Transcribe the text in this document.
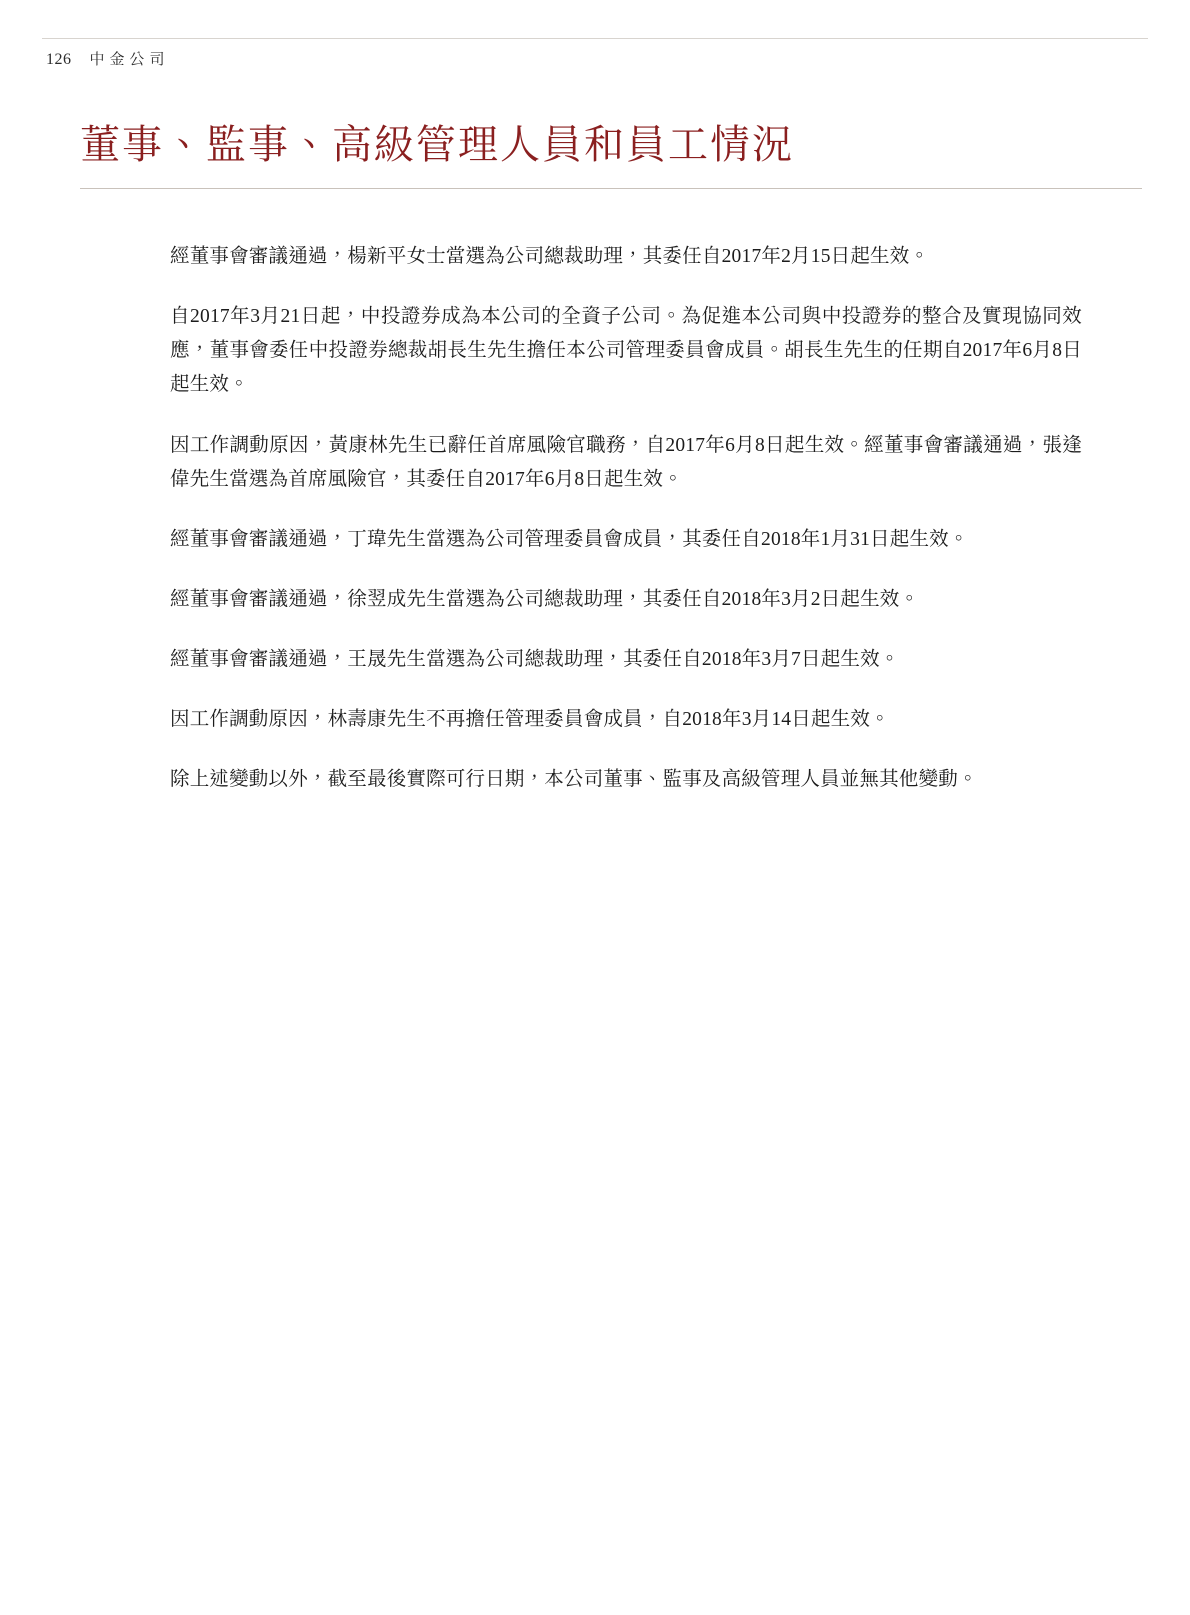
126 中金公司
董事、監事、高級管理人員和員工情況

經董事會審議通過，楊新平女士當選為公司總裁助理，其委任自2017年2月15日起生效。

自2017年3月21日起，中投證券成為本公司的全資子公司。為促進本公司與中投證券的整合及實現協同效應，董事會委任中投證券總裁胡長生先生擔任本公司管理委員會成員。胡長生先生的任期自2017年6月8日起生效。

因工作調動原因，黃康林先生已辭任首席風險官職務，自2017年6月8日起生效。經董事會審議通過，張逢偉先生當選為首席風險官，其委任自2017年6月8日起生效。

經董事會審議通過，丁瑋先生當選為公司管理委員會成員，其委任自2018年1月31日起生效。

經董事會審議通過，徐翌成先生當選為公司總裁助理，其委任自2018年3月2日起生效。

經董事會審議通過，王晟先生當選為公司總裁助理，其委任自2018年3月7日起生效。

因工作調動原因，林壽康先生不再擔任管理委員會成員，自2018年3月14日起生效。

除上述變動以外，截至最後實際可行日期，本公司董事、監事及高級管理人員並無其他變動。
